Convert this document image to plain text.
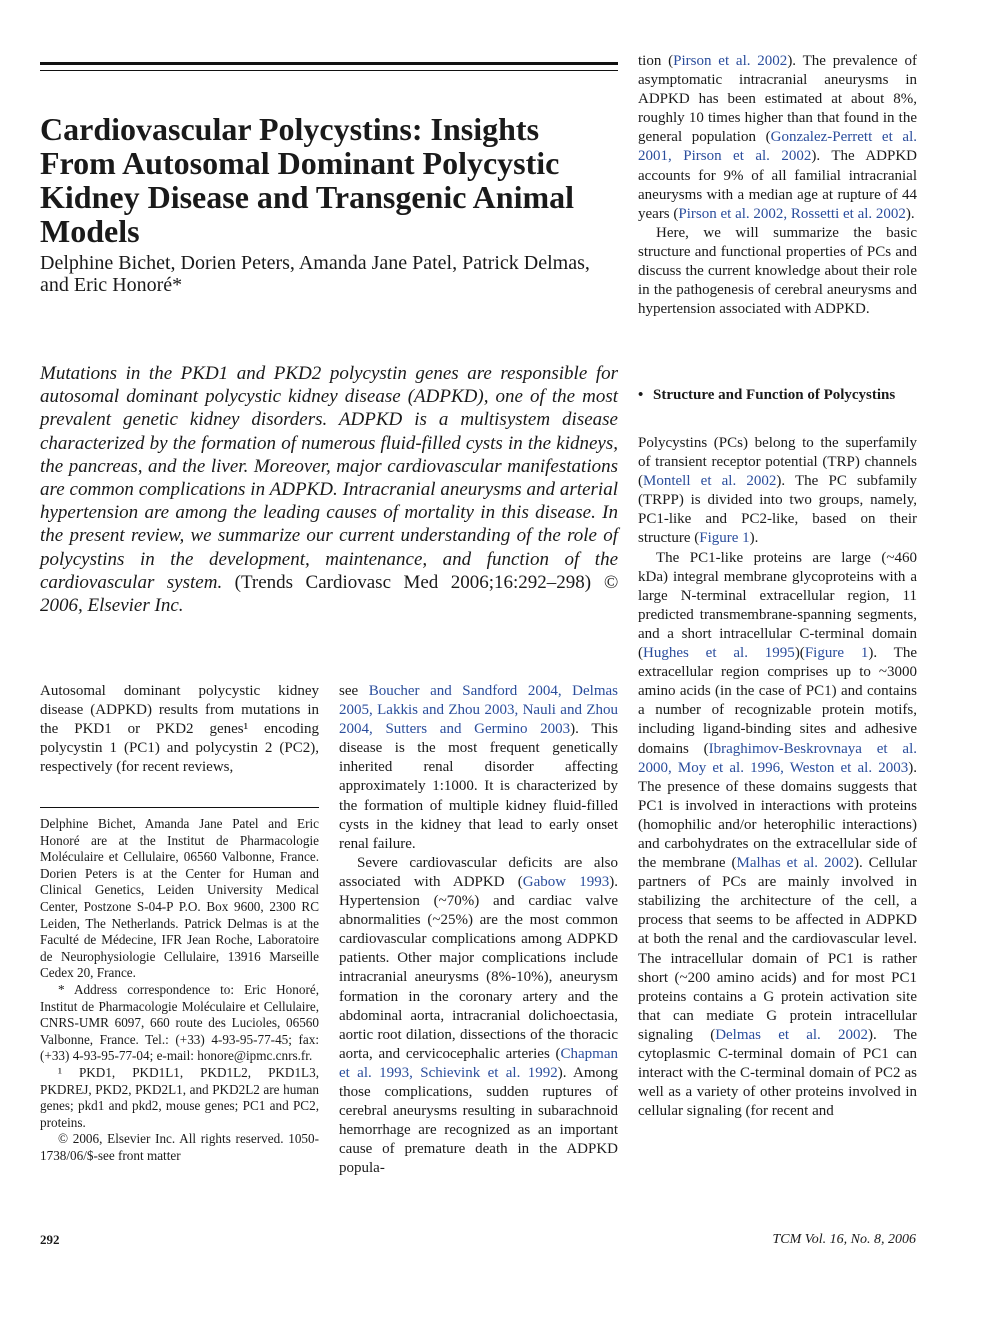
Cardiovascular Polycystins: Insights From Autosomal Dominant Polycystic Kidney Disease and Transgenic Animal Models

Delphine Bichet, Dorien Peters, Amanda Jane Patel, Patrick Delmas, and Eric Honoré*

Mutations in the PKD1 and PKD2 polycystin genes are responsible for autosomal dominant polycystic kidney disease (ADPKD), one of the most prevalent genetic kidney disorders. ADPKD is a multisystem disease characterized by the formation of numerous fluid-filled cysts in the kidneys, the pancreas, and the liver. Moreover, major cardiovascular manifestations are common complications in ADPKD. Intracranial aneurysms and arterial hypertension are among the leading causes of mortality in this disease. In the present review, we summarize our current understanding of the role of polycystins in the development, maintenance, and function of the cardiovascular system. (Trends Cardiovasc Med 2006;16:292–298) © 2006, Elsevier Inc.

Autosomal dominant polycystic kidney disease (ADPKD) results from mutations in the PKD1 or PKD2 genes¹ encoding polycystin 1 (PC1) and polycystin 2 (PC2), respectively (for recent reviews,

Delphine Bichet, Amanda Jane Patel and Eric Honoré are at the Institut de Pharmacologie Moléculaire et Cellulaire, 06560 Valbonne, France. Dorien Peters is at the Center for Human and Clinical Genetics, Leiden University Medical Center, Postzone S-04-P P.O. Box 9600, 2300 RC Leiden, The Netherlands. Patrick Delmas is at the Faculté de Médecine, IFR Jean Roche, Laboratoire de Neurophysiologie Cellulaire, 13916 Marseille Cedex 20, France.

* Address correspondence to: Eric Honoré, Institut de Pharmacologie Moléculaire et Cellulaire, CNRS-UMR 6097, 660 route des Lucioles, 06560 Valbonne, France. Tel.: (+33) 4-93-95-77-45; fax: (+33) 4-93-95-77-04; e-mail: honore@ipmc.cnrs.fr.

¹ PKD1, PKD1L1, PKD1L2, PKD1L3, PKDREJ, PKD2, PKD2L1, and PKD2L2 are human genes; pkd1 and pkd2, mouse genes; PC1 and PC2, proteins.

© 2006, Elsevier Inc. All rights reserved. 1050-1738/06/$-see front matter

see Boucher and Sandford 2004, Delmas 2005, Lakkis and Zhou 2003, Nauli and Zhou 2004, Sutters and Germino 2003). This disease is the most frequent genetically inherited renal disorder affecting approximately 1:1000. It is characterized by the formation of multiple kidney fluid-filled cysts in the kidney that lead to early onset renal failure.

Severe cardiovascular deficits are also associated with ADPKD (Gabow 1993). Hypertension (~70%) and cardiac valve abnormalities (~25%) are the most common cardiovascular complications among ADPKD patients. Other major complications include intracranial aneurysms (8%-10%), aneurysm formation in the coronary artery and the abdominal aorta, intracranial dolichoectasia, aortic root dilation, dissections of the thoracic aorta, and cervicocephalic arteries (Chapman et al. 1993, Schievink et al. 1992). Among those complications, sudden ruptures of cerebral aneurysms resulting in subarachnoid hemorrhage are recognized as an important cause of premature death in the ADPKD popula-

tion (Pirson et al. 2002). The prevalence of asymptomatic intracranial aneurysms in ADPKD has been estimated at about 8%, roughly 10 times higher than that found in the general population (Gonzalez-Perrett et al. 2001, Pirson et al. 2002). The ADPKD accounts for 9% of all familial intracranial aneurysms with a median age at rupture of 44 years (Pirson et al. 2002, Rossetti et al. 2002).

Here, we will summarize the basic structure and functional properties of PCs and discuss the current knowledge about their role in the pathogenesis of cerebral aneurysms and hypertension associated with ADPKD.

• Structure and Function of Polycystins

Polycystins (PCs) belong to the superfamily of transient receptor potential (TRP) channels (Montell et al. 2002). The PC subfamily (TRPP) is divided into two groups, namely, PC1-like and PC2-like, based on their structure (Figure 1).

The PC1-like proteins are large (~460 kDa) integral membrane glycoproteins with a large N-terminal extracellular region, 11 predicted transmembrane-spanning segments, and a short intracellular C-terminal domain (Hughes et al. 1995)(Figure 1). The extracellular region comprises up to ~3000 amino acids (in the case of PC1) and contains a number of recognizable protein motifs, including ligand-binding sites and adhesive domains (Ibraghimov-Beskrovnaya et al. 2000, Moy et al. 1996, Weston et al. 2003). The presence of these domains suggests that PC1 is involved in interactions with proteins (homophilic and/or heterophilic interactions) and carbohydrates on the extracellular side of the membrane (Malhas et al. 2002). Cellular partners of PCs are mainly involved in stabilizing the architecture of the cell, a process that seems to be affected in ADPKD at both the renal and the cardiovascular level. The intracellular domain of PC1 is rather short (~200 amino acids) and for most PC1 proteins contains a G protein activation site that can mediate G protein intracellular signaling (Delmas et al. 2002). The cytoplasmic C-terminal domain of PC1 can interact with the C-terminal domain of PC2 as well as a variety of other proteins involved in cellular signaling (for recent and

292	TCM Vol. 16, No. 8, 2006
